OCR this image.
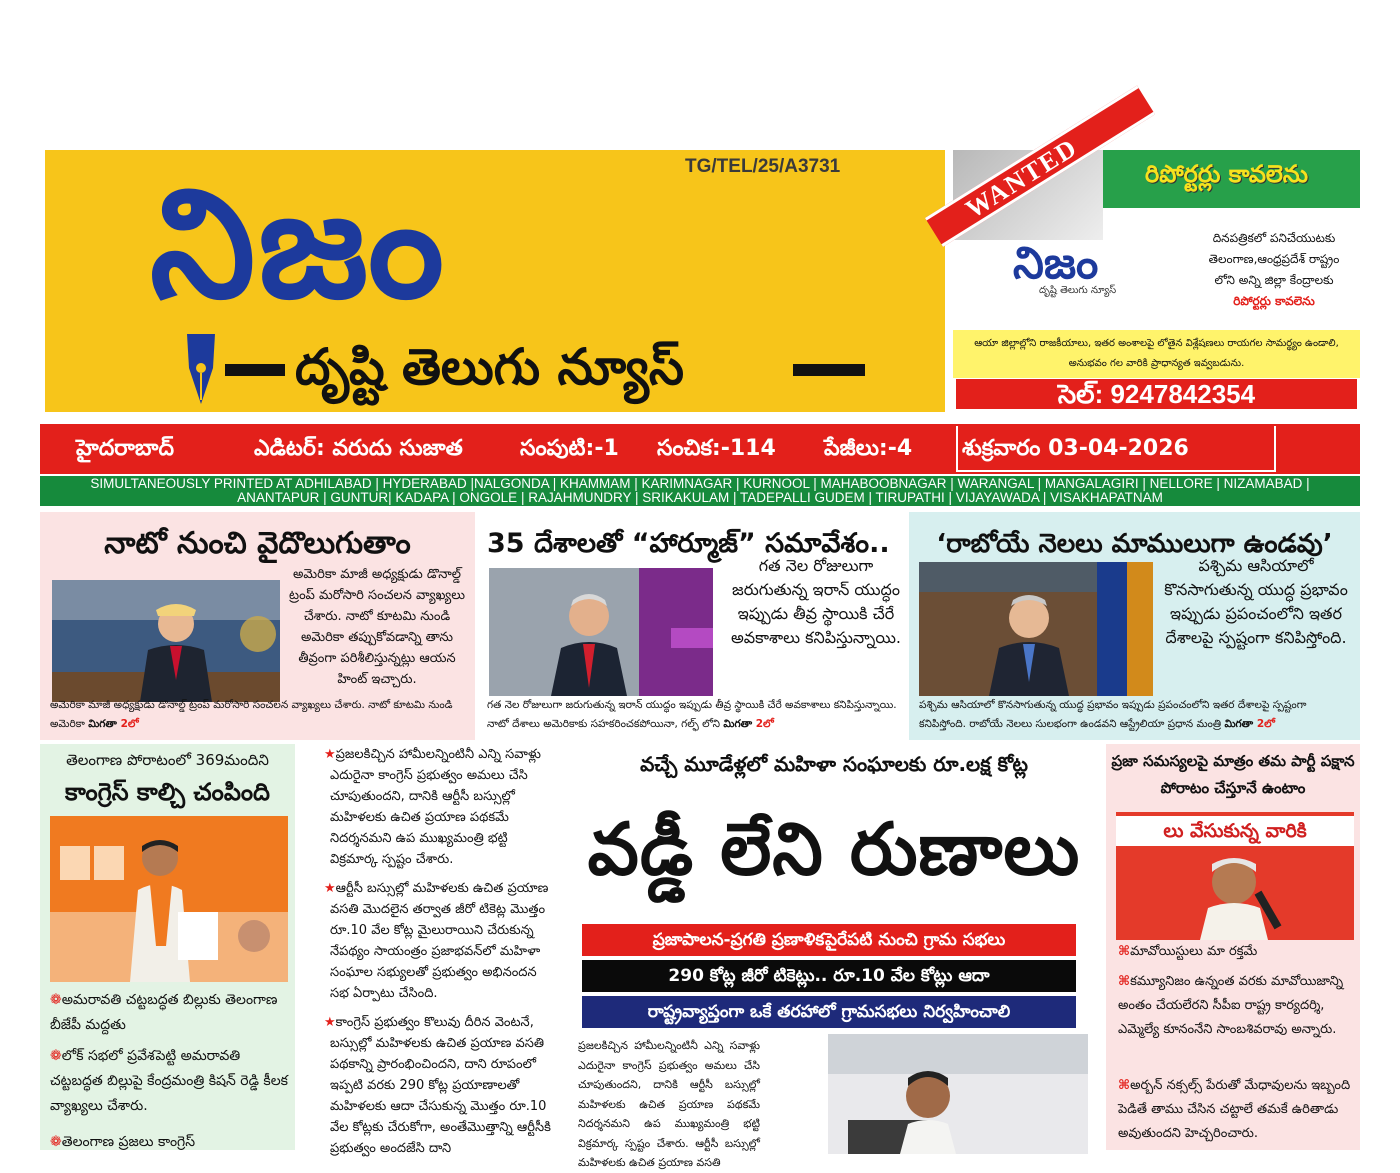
TG/TEL/25/A3731
నిజం
దృష్టి తెలుగు న్యూస్
WANTED	రిపోర్టర్లు కావలెను
నిజం
దృష్టి తెలుగు న్యూస్
దినపత్రికలో పనిచేయుటకు
తెలంగాణ,ఆంధ్రప్రదేశ్ రాష్ట్రం
లోని అన్ని జిల్లా కేంద్రాలకు
రిపోర్టర్లు కావలెను
ఆయా జిల్లాల్లోని రాజకీయాలు, ఇతర అంశాలపై లోతైన విశ్లేషణలు రాయగల సామర్థ్యం ఉండాలి, అనుభవం గల వారికి ప్రాధాన్యత ఇవ్వబడును.
సెల్: 9247842354
హైదరాబాద్	ఎడిటర్: వరుదు సుజాత	సంపుటి:-1 సంచిక:-114 పేజీలు:-4 శుక్రవారం 03-04-2026
SIMULTANEOUSLY PRINTED AT ADHILABAD | HYDERABAD |NALGONDA | KHAMMAM | KARIMNAGAR | KURNOOL | MAHABOOBNAGAR | WARANGAL | MANGALAGIRI | NELLORE | NIZAMABAD |
ANANTAPUR | GUNTUR| KADAPA | ONGOLE | RAJAHMUNDRY | SRIKAKULAM | TADEPALLI GUDEM | TIRUPATHI | VIJAYAWADA | VISAKHAPATNAM
నాటో నుంచి వైదొలుగుతాం
అమెరికా మాజీ అధ్యక్షుడు డొనాల్డ్ ట్రంప్ మరోసారి సంచలన వ్యాఖ్యలు చేశారు. నాటో కూటమి నుండి అమెరికా తప్పుకోవడాన్ని తాను తీవ్రంగా పరిశీలిస్తున్నట్లు ఆయన హింట్ ఇచ్చారు.
అమెరికా మాజీ అధ్యక్షుడు డొనాల్డ్ ట్రంప్ మరోసారి సంచలన వ్యాఖ్యలు చేశారు. నాటో కూటమి నుండి అమెరికా మిగతా 2లో
35 దేశాలతో “హార్మూజ్” సమావేశం..
గత నెల రోజులుగా జరుగుతున్న ఇరాన్ యుద్ధం ఇప్పుడు తీవ్ర స్థాయికి చేరే అవకాశాలు కనిపిస్తున్నాయి.
గత నెల రోజులుగా జరుగుతున్న ఇరాన్ యుద్ధం ఇప్పుడు తీవ్ర స్థాయికి చేరే అవకాశాలు కనిపిస్తున్నాయి. నాటో దేశాలు అమెరికాకు సహకరించకపోయినా, గల్ఫ్ లోని మిగతా 2లో
‘రాబోయే నెలలు మాములుగా ఉండవు’
పశ్చిమ ఆసియాలో కొనసాగుతున్న యుద్ధ ప్రభావం ఇప్పుడు ప్రపంచంలోని ఇతర దేశాలపై స్పష్టంగా కనిపిస్తోంది.
పశ్చిమ ఆసియాలో కొనసాగుతున్న యుద్ధ ప్రభావం ఇప్పుడు ప్రపంచంలోని ఇతర దేశాలపై స్పష్టంగా కనిపిస్తోంది. రాబోయే నెలలు సులభంగా ఉండవని ఆస్ట్రేలియా ప్రధాన మంత్రి మిగతా 2లో
తెలంగాణ పోరాటంలో 369మందిని
కాంగ్రెస్ కాల్చి చంపింది
❁అమరావతి చట్టబద్ధత బిల్లుకు తెలంగాణ బీజేపీ మద్దతు
❁లోక్ సభలో ప్రవేశపెట్టి అమరావతి చట్టబద్ధత బిల్లుపై కేంద్రమంత్రి కిషన్ రెడ్డి కీలక వ్యాఖ్యలు చేశారు.
❁తెలంగాణ ప్రజలు కాంగ్రెస్

★ప్రజలకిచ్చిన హామీలన్నింటినీ ఎన్ని సవాళ్లు ఎదురైనా కాంగ్రెస్ ప్రభుత్వం అమలు చేసి చూపుతుందని, దానికి ఆర్టీసీ బస్సుల్లో మహిళలకు ఉచిత ప్రయాణ పథకమే నిదర్శనమని ఉప ముఖ్యమంత్రి భట్టి విక్రమార్క స్పష్టం చేశారు.

★ఆర్టీసీ బస్సుల్లో మహిళలకు ఉచిత ప్రయాణ వసతి మొదలైన తర్వాత జీరో టికెట్ల మొత్తం రూ.10 వేల కోట్ల మైలురాయిని చేరుకున్న నేపథ్యం సాయంత్రం ప్రజాభవన్‌లో మహిళా సంఘాల సభ్యులతో ప్రభుత్వం అభినందన సభ ఏర్పాటు చేసింది.

★కాంగ్రెస్ ప్రభుత్వం కొలువు దీరిన వెంటనే, బస్సుల్లో మహిళలకు ఉచిత ప్రయాణ వసతి పథకాన్ని ప్రారంభించిందని, దాని రూపంలో ఇప్పటి వరకు 290 కోట్ల ప్రయాణాలతో మహిళలకు ఆదా చేసుకున్న మొత్తం రూ.10 వేల కోట్లకు చేరుకోగా, అంతేమొత్తాన్ని ఆర్టీసీకి ప్రభుత్వం అందజేసి దాని

వచ్చే మూడేళ్లలో మహిళా సంఘాలకు రూ.లక్ష కోట్ల
వడ్డీ లేని రుణాలు
ప్రజాపాలన-ప్రగతి ప్రణాళికపైరేపటి నుంచి గ్రామ సభలు
290 కోట్ల జీరో టికెట్లు.. రూ.10 వేల కోట్లు ఆదా
రాష్ట్రవ్యాప్తంగా ఒకే తరహాలో గ్రామసభలు నిర్వహించాలి
ప్రజలకిచ్చిన హామీలన్నింటినీ ఎన్ని సవాళ్లు ఎదురైనా కాంగ్రెస్ ప్రభుత్వం అమలు చేసి చూపుతుందని, దానికి ఆర్టీసీ బస్సుల్లో మహిళలకు ఉచిత ప్రయాణ పథకమే నిదర్శనమని ఉప ముఖ్యమంత్రి భట్టి విక్రమార్క స్పష్టం చేశారు. ఆర్టీసీ బస్సుల్లో మహిళలకు ఉచిత ప్రయాణ వసతి
ప్రజా సమస్యలపై మాత్రం తమ పార్టీ పక్షాన పోరాటం చేస్తూనే ఉంటాం
లు వేసుకున్న వారికి

⌘మావోయిస్టులు మా రక్తమే

⌘కమ్యూనిజం ఉన్నంత వరకు మావోయిజాన్ని అంతం చేయలేరని సీపీఐ రాష్ట్ర కార్యదర్శి, ఎమ్మెల్యే కూనంనేని సాంబశివరావు అన్నారు.

⌘అర్బన్ నక్సల్స్ పేరుతో మేధావులను ఇబ్బంది పెడితే తాము చేసిన చట్టాలే తమకే ఉరితాడు అవుతుందని హెచ్చరించారు.
